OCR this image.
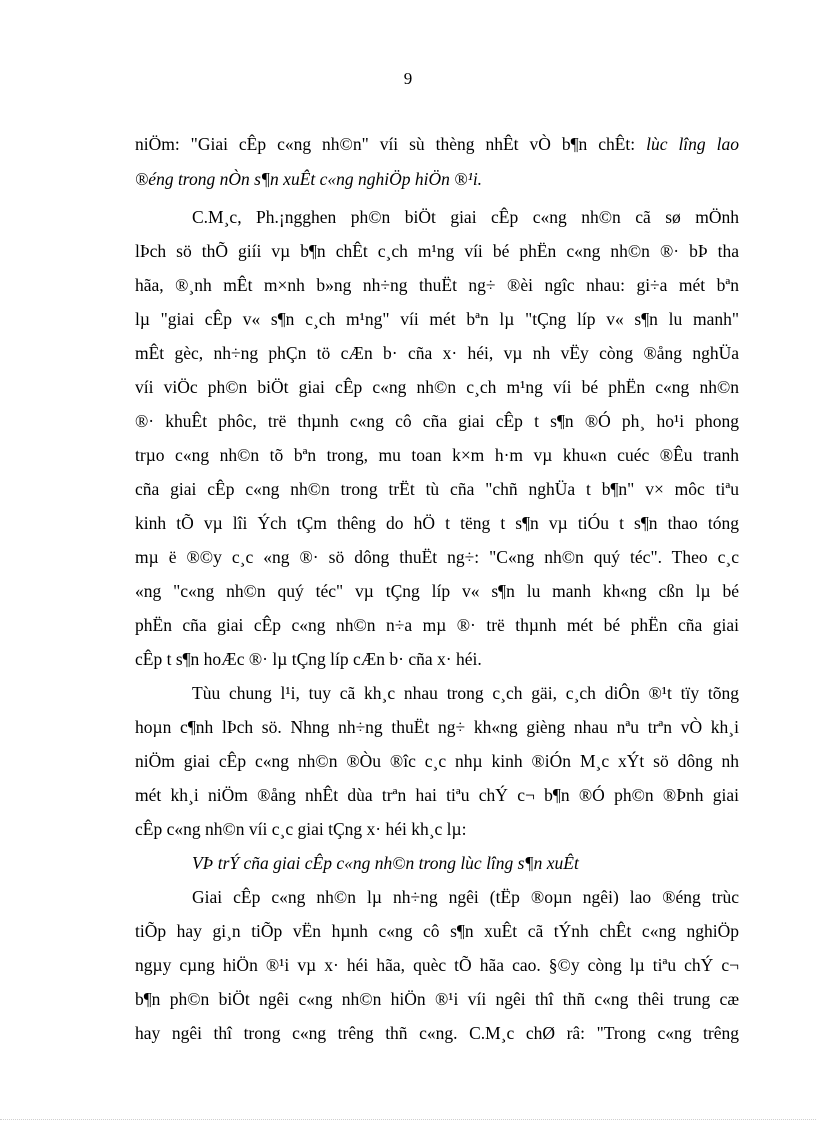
9
niÖm: "Giai cÊp c«ng nh©n" víi sù thèng nhÊt vÒ b¶n chÊt: lùc lîng lao
®éng trong nÒn s¶n xuÊt c«ng nghiÖp hiÖn ®¹i.
C.M¸c, Ph.¡ngghen ph©n biÖt giai cÊp c«ng nh©n cã sø mÖnh
lÞch sö thÕ giíi vµ b¶n chÊt c¸ch m¹ng víi bé phËn c«ng nh©n ®· bÞ tha
hãa, ®¸nh mÊt m×nh b»ng nh÷ng thuËt ng÷ ®èi ngîc nhau: gi÷a mét bªn
lµ "giai cÊp v« s¶n c¸ch m¹ng" víi mét bªn lµ "tÇng líp v« s¶n lu manh"
mÊt gèc, nh÷ng phÇn tö cÆn b· cña x· héi, vµ nh vËy còng ®ång nghÜa
víi viÖc ph©n biÖt giai cÊp c«ng nh©n c¸ch m¹ng víi bé phËn c«ng nh©n
®· khuÊt phôc, trë thµnh c«ng cô cña giai cÊp t s¶n ®Ó ph¸ ho¹i phong
trµo c«ng nh©n tõ bªn trong, mu toan k×m h·m vµ khu«n cuéc ®Êu tranh
cña giai cÊp c«ng nh©n trong trËt tù cña "chñ nghÜa t b¶n" v× môc tiªu
kinh tÕ vµ lîi Ých tÇm thêng do hÖ t tëng t s¶n vµ tiÓu t s¶n thao tóng
mµ ë ®©y c¸c «ng ®· sö dông thuËt ng÷: "C«ng nh©n quý téc". Theo c¸c
«ng "c«ng nh©n quý téc" vµ tÇng líp v« s¶n lu manh kh«ng cßn lµ bé
phËn cña giai cÊp c«ng nh©n n÷a mµ ®· trë thµnh mét bé phËn cña giai
cÊp t s¶n hoÆc ®· lµ tÇng líp cÆn b· cña x· héi.
Tùu chung l¹i, tuy cã kh¸c nhau trong c¸ch gäi, c¸ch diÔn ®¹t tïy tõng
hoµn c¶nh lÞch sö. Nhng nh÷ng thuËt ng÷ kh«ng gièng nhau nªu trªn vÒ kh¸i
niÖm giai cÊp c«ng nh©n ®Òu ®îc c¸c nhµ kinh ®iÓn M¸c xÝt sö dông nh
mét kh¸i niÖm ®ång nhÊt dùa trªn hai tiªu chÝ c¬ b¶n ®Ó ph©n ®Þnh giai
cÊp c«ng nh©n víi c¸c giai tÇng x· héi kh¸c lµ:
VÞ trÝ cña giai cÊp c«ng nh©n trong lùc lîng s¶n xuÊt
Giai cÊp c«ng nh©n lµ nh÷ng ngêi (tËp ®oµn ngêi) lao ®éng trùc
tiÕp hay gi¸n tiÕp vËn hµnh c«ng cô s¶n xuÊt cã tÝnh chÊt c«ng nghiÖp
ngµy cµng hiÖn ®¹i vµ x· héi hãa, quèc tÕ hãa cao. §©y còng lµ tiªu chÝ c¬
b¶n ph©n biÖt ngêi c«ng nh©n hiÖn ®¹i víi ngêi thî thñ c«ng thêi trung cæ
hay ngêi thî trong c«ng trêng thñ c«ng. C.M¸c chØ râ: "Trong c«ng trêng
